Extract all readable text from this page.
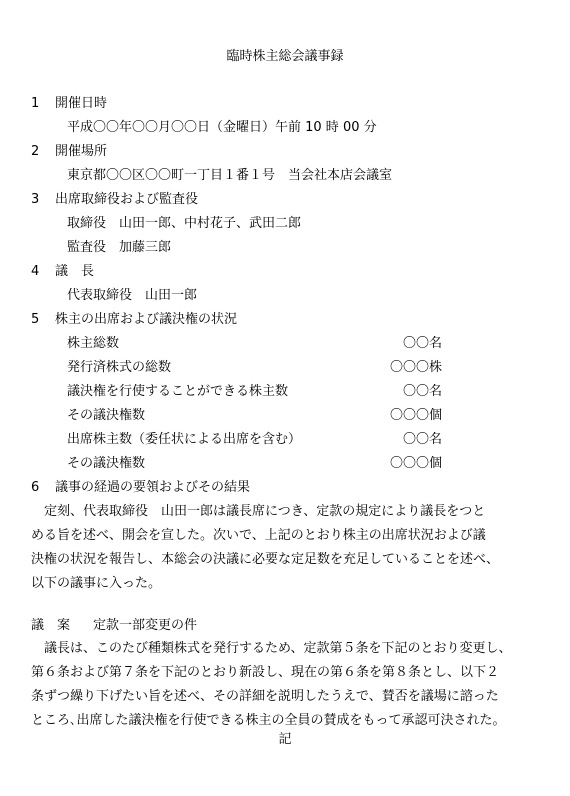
臨時株主総会議事録
1 開催日時
平成〇〇年〇〇月〇〇日（金曜日）午前 10 時 00 分
2 開催場所
東京都〇〇区〇〇町一丁目１番１号　当会社本店会議室
3 出席取締役および監査役
取締役　山田一郎、中村花子、武田二郎
監査役　加藤三郎
4 議　長
代表取締役　山田一郎
5 株主の出席および議決権の状況
株主総数	〇〇名
発行済株式の総数	〇〇〇株
議決権を行使することができる株主数	〇〇名
その議決権数	〇〇〇個
出席株主数（委任状による出席を含む）	〇〇名
その議決権数	〇〇〇個
6 議事の経過の要領およびその結果
　定刻、代表取締役　山田一郎は議長席につき、定款の規定により議長をつと
める旨を述べ、開会を宣した。次いで、上記のとおり株主の出席状況および議
決権の状況を報告し、本総会の決議に必要な定足数を充足していることを述べ、
以下の議事に入った。
議　案 定款一部変更の件
　議長は、このたび種類株式を発行するため、定款第５条を下記のとおり変更し、
第６条および第７条を下記のとおり新設し、現在の第６条を第８条とし、以下２
条ずつ繰り下げたい旨を述べ、その詳細を説明したうえで、賛否を議場に諮った
ところ､出席した議決権を行使できる株主の全員の賛成をもって承認可決された。
記
